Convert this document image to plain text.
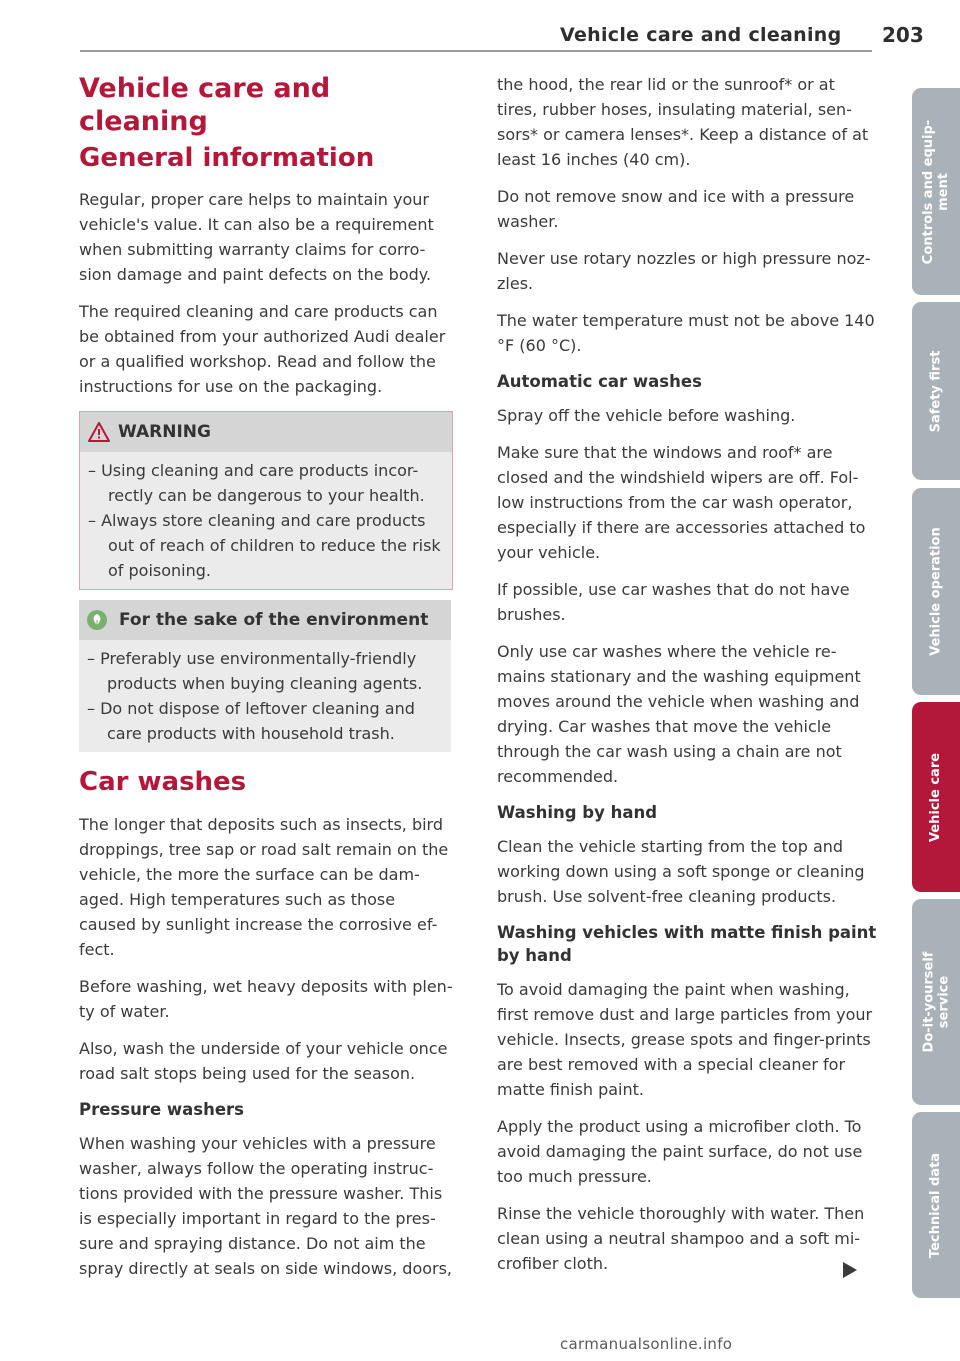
Vehicle care and cleaning 203
Vehicle care and
cleaning
General information

Regular, proper care helps to maintain your vehicle's value. It can also be a requirement when submitting warranty claims for corro-sion damage and paint defects on the body.

The required cleaning and care products can be obtained from your authorized Audi dealer or a qualified workshop. Read and follow the instructions for use on the packaging.

WARNING
– Using cleaning and care products incor-rectly can be dangerous to your health.
– Always store cleaning and care products out of reach of children to reduce the risk of poisoning.
For the sake of the environment
– Preferably use environmentally-friendly products when buying cleaning agents.
– Do not dispose of leftover cleaning and care products with household trash.
Car washes

The longer that deposits such as insects, bird droppings, tree sap or road salt remain on the vehicle, the more the surface can be dam-aged. High temperatures such as those caused by sunlight increase the corrosive ef-fect.

Before washing, wet heavy deposits with plen-ty of water.

Also, wash the underside of your vehicle once road salt stops being used for the season.

Pressure washers

When washing your vehicles with a pressure washer, always follow the operating instruc-tions provided with the pressure washer. This is especially important in regard to the pres-sure and spraying distance. Do not aim the spray directly at seals on side windows, doors,

the hood, the rear lid or the sunroof* or at tires, rubber hoses, insulating material, sen-sors* or camera lenses*. Keep a distance of at least 16 inches (40 cm).

Do not remove snow and ice with a pressure washer.

Never use rotary nozzles or high pressure noz-zles.

The water temperature must not be above 140 °F (60 °C).

Automatic car washes

Spray off the vehicle before washing.

Make sure that the windows and roof* are closed and the windshield wipers are off. Fol-low instructions from the car wash operator, especially if there are accessories attached to your vehicle.

If possible, use car washes that do not have brushes.

Only use car washes where the vehicle re-mains stationary and the washing equipment moves around the vehicle when washing and drying. Car washes that move the vehicle through the car wash using a chain are not recommended.

Washing by hand

Clean the vehicle starting from the top and working down using a soft sponge or cleaning brush. Use solvent-free cleaning products.

Washing vehicles with matte finish paint by hand

To avoid damaging the paint when washing, first remove dust and large particles from your vehicle. Insects, grease spots and finger-prints are best removed with a special cleaner for matte finish paint.

Apply the product using a microfiber cloth. To avoid damaging the paint surface, do not use too much pressure.

Rinse the vehicle thoroughly with water. Then clean using a neutral shampoo and a soft mi-crofiber cloth.

Controls and equip-
ment
Safety first
Vehicle operation
Vehicle care
Do-it-yourself
service
Technical data
carmanualsonline.info
